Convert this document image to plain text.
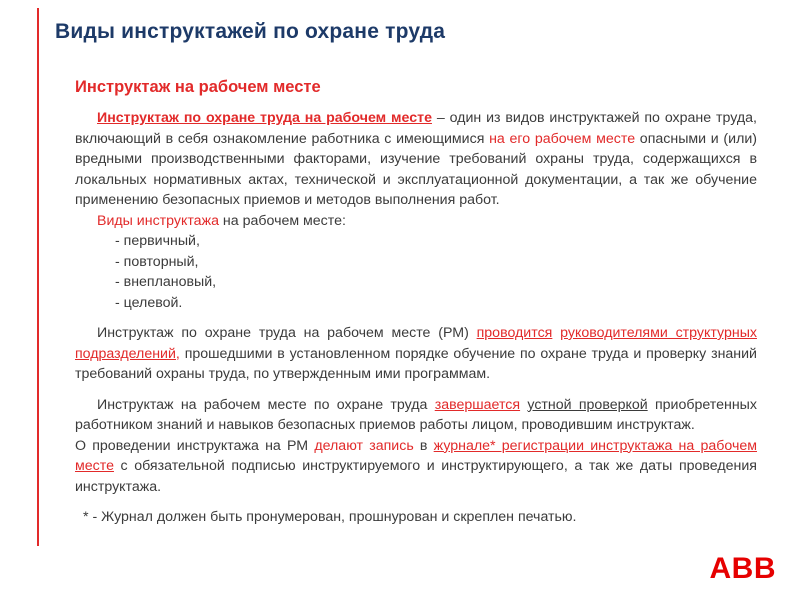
Виды инструктажей по охране труда
Инструктаж на рабочем месте

Инструктаж по охране труда на рабочем месте – один из видов инструктажей по охране труда, включающий в себя ознакомление работника с имеющимися на его рабочем месте опасными и (или) вредными производственными факторами, изучение требований охраны труда, содержащихся в локальных нормативных актах, технической и эксплуатационной документации, а так же обучение применению безопасных приемов и методов выполнения работ.

Виды инструктажа на рабочем месте:

- первичный,
- повторный,
- внеплановый,
- целевой.

Инструктаж по охране труда на рабочем месте (РМ) проводится руководителями структурных подразделений, прошедшими в установленном порядке обучение по охране труда и проверку знаний требований охраны труда, по утвержденным ими программам.

Инструктаж на рабочем месте по охране труда завершается устной проверкой приобретенных работником знаний и навыков безопасных приемов работы лицом, проводившим инструктаж.

О проведении инструктажа на РМ делают запись в журнале* регистрации инструктажа на рабочем месте с обязательной подписью инструктируемого и инструктирующего, а так же даты проведения инструктажа.

* - Журнал должен быть пронумерован, прошнурован и скреплен печатью.

ABB
